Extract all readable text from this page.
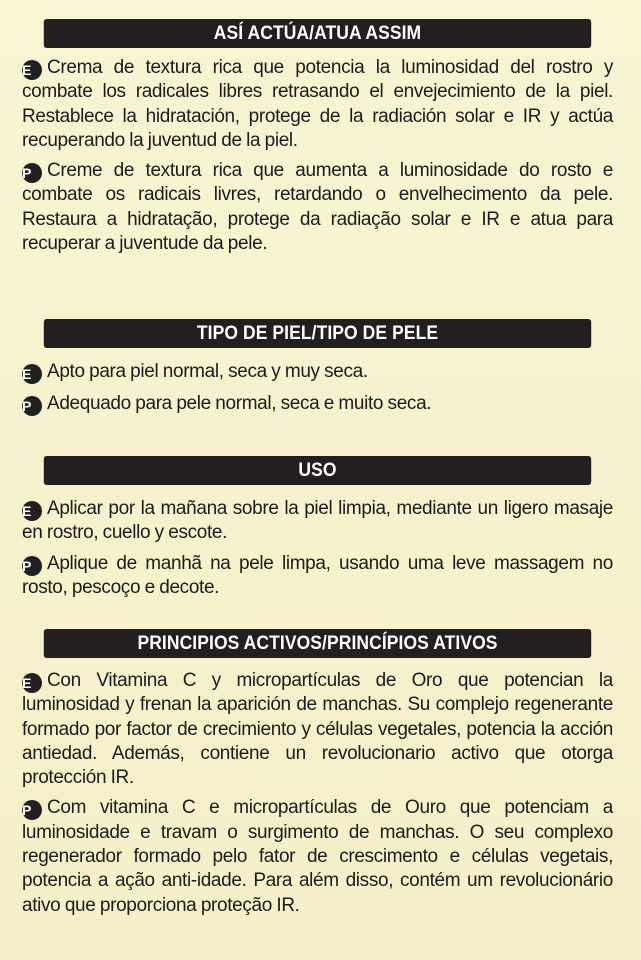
ASÍ ACTÚA/ATUA ASSIM

E Crema de textura rica que potencia la luminosidad del rostro y combate los radicales libres retrasando el envejecimiento de la piel. Restablece la hidratación, protege de la radiación solar e IR y actúa recuperando la juventud de la piel.

P Creme de textura rica que aumenta a luminosidade do rosto e combate os radicais livres, retardando o envelhecimento da pele. Restaura a hidratação, protege da radiação solar e IR e atua para recuperar a juventude da pele.

TIPO DE PIEL/TIPO DE PELE

E Apto para piel normal, seca y muy seca.

P Adequado para pele normal, seca e muito seca.

USO

E Aplicar por la mañana sobre la piel limpia, mediante un ligero masaje en rostro, cuello y escote.

P Aplique de manhã na pele limpa, usando uma leve massagem no rosto, pescoço e decote.

PRINCIPIOS ACTIVOS/PRINCÍPIOS ATIVOS

E Con Vitamina C y micropartículas de Oro que potencian la luminosidad y frenan la aparición de manchas. Su complejo regenerante formado por factor de crecimiento y células vegetales, potencia la acción antiedad. Además, contiene un revolucionario activo que otorga protección IR.

P Com vitamina C e micropartículas de Ouro que potenciam a luminosidade e travam o surgimento de manchas. O seu complexo regenerador formado pelo fator de crescimento e células vegetais, potencia a ação anti-idade. Para além disso, contém um revolucionário ativo que proporciona proteção IR.
